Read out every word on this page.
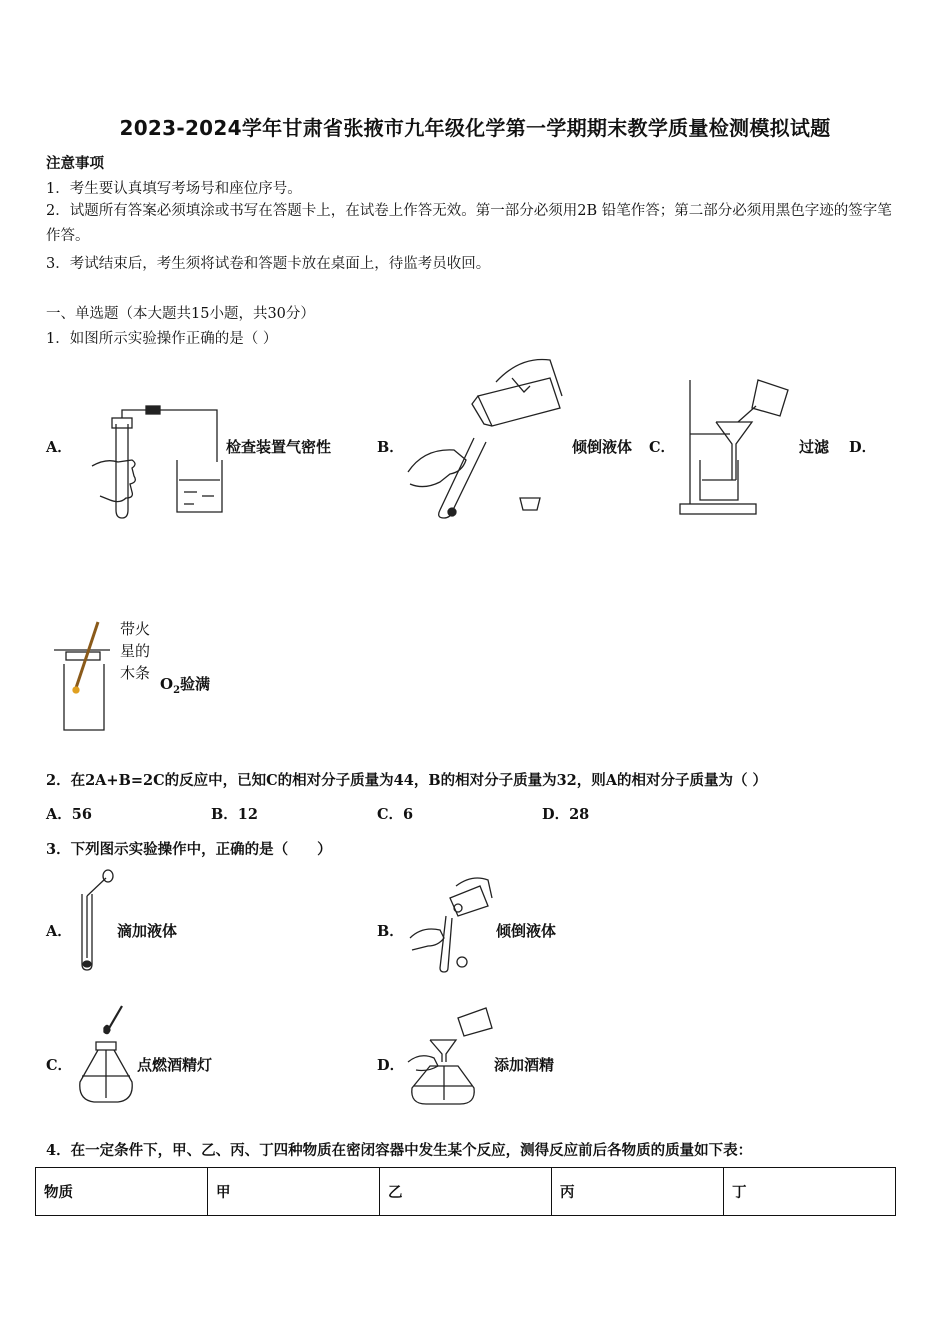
2023-2024学年甘肃省张掖市九年级化学第一学期期末教学质量检测模拟试题
注意事项
1．考生要认真填写考场号和座位序号。
2．试题所有答案必须填涂或书写在答题卡上，在试卷上作答无效。第一部分必须用2B 铅笔作答；第二部分必须用黑色字迹的签字笔作答。
3．考试结束后，考生须将试卷和答题卡放在桌面上，待监考员收回。
一、单选题（本大题共15小题，共30分）
1．如图所示实验操作正确的是（ ）
A．	检查装置气密性	B．	倾倒液体 C．	过滤 D．
带火
星的
木条
$O_2$验满
2．在2A+B=2C的反应中，已知C的相对分子质量为44，B的相对分子质量为32，则A的相对分子质量为（ ）
A．56	B．12	C．6	D．28
3．下列图示实验操作中，正确的是（　　）
A．	滴加液体	B．	倾倒液体
C．	点燃酒精灯	D．	添加酒精
4．在一定条件下，甲、乙、丙、丁四种物质在密闭容器中发生某个反应，测得反应前后各物质的质量如下表：
物质	甲	乙	丙	丁
